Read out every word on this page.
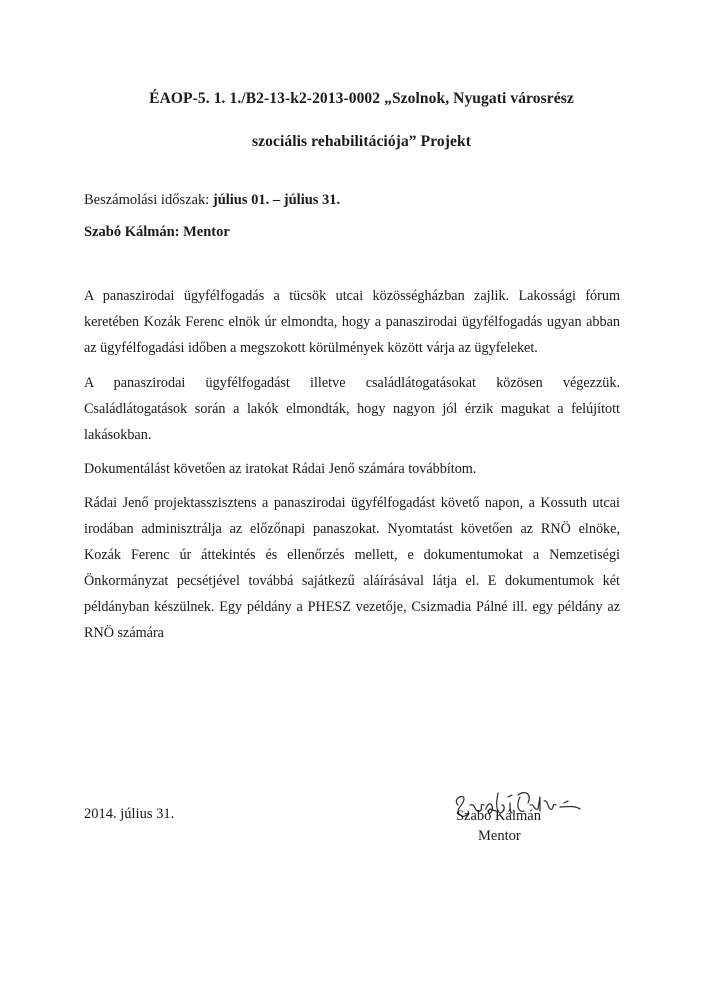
ÉAOP-5. 1. 1./B2-13-k2-2013-0002 „Szolnok, Nyugati városrész
szociális rehabilitációja” Projekt
Beszámolási időszak: július 01. – július 31.
Szabó Kálmán: Mentor

A panaszirodai ügyfélfogadás a tücsök utcai közösségházban zajlik. Lakossági fórum keretében Kozák Ferenc elnök úr elmondta, hogy a panaszirodai ügyfélfogadás ugyan abban az ügyfélfogadási időben a megszokott körülmények között várja az ügyfeleket.

A panaszirodai ügyfélfogadást illetve családlátogatásokat közösen végezzük. Családlátogatások során a lakók elmondták, hogy nagyon jól érzik magukat a felújított lakásokban.

Dokumentálást követően az iratokat Rádai Jenő számára továbbítom.

Rádai Jenő projektasszisztens a panaszirodai ügyfélfogadást követő napon, a Kossuth utcai irodában adminisztrálja az előzőnapi panaszokat. Nyomtatást követően az RNÖ elnöke, Kozák Ferenc úr áttekintés és ellenőrzés mellett, e dokumentumokat a Nemzetiségi Önkormányzat pecsétjével továbbá sajátkezű aláírásával látja el. E dokumentumok két példányban készülnek. Egy példány a PHESZ vezetője, Csizmadia Pálné ill. egy példány az RNÖ számára

2014. július 31.	Szabó Kálmán
Mentor
